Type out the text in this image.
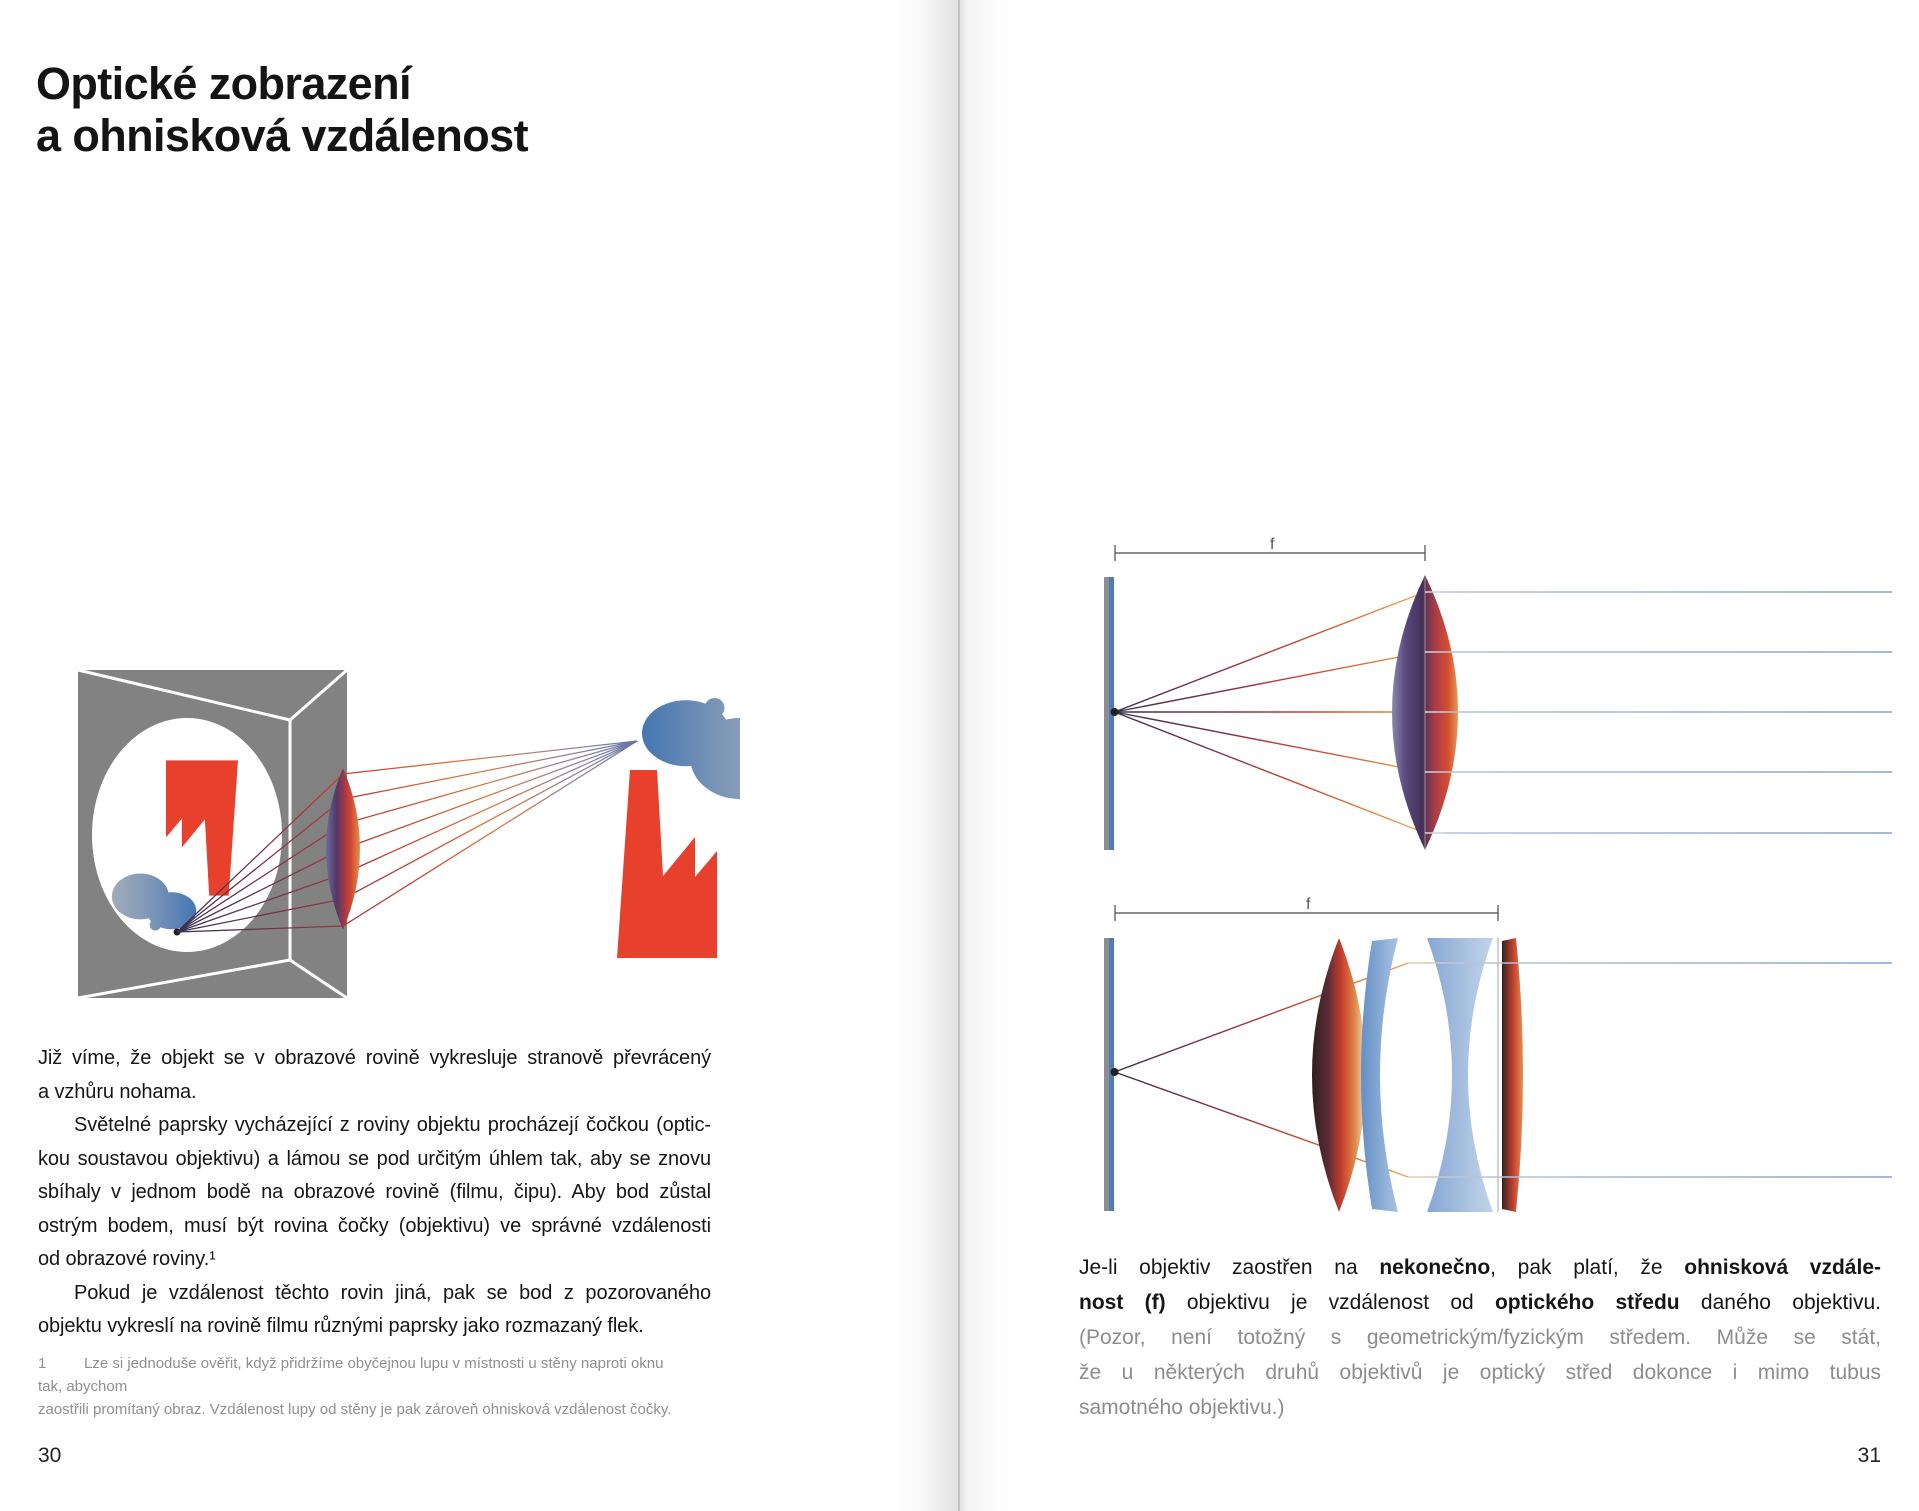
Optické zobrazení
a ohnisková vzdálenost
Již víme, že objekt se v obrazové rovině vykresluje stranově převrácený
a vzhůru nohama.
Světelné paprsky vycházející z roviny objektu procházejí čočkou (optic-
kou soustavou objektivu) a lámou se pod určitým úhlem tak, aby se znovu
sbíhaly v jednom bodě na obrazové rovině (filmu, čipu). Aby bod zůstal
ostrým bodem, musí být rovina čočky (objektivu) ve správné vzdálenosti
od obrazové roviny.¹
Pokud je vzdálenost těchto rovin jiná, pak se bod z pozorovaného
objektu vykreslí na rovině filmu různými paprsky jako rozmazaný flek.
1	Lze si jednoduše ověřit, když přidržíme obyčejnou lupu v místnosti u stěny naproti oknu tak, abychom
zaostřili promítaný obraz. Vzdálenost lupy od stěny je pak zároveň ohnisková vzdálenost čočky.
30
f
f
Je-li objektiv zaostřen na nekonečno, pak platí, že ohnisková vzdále-
nost (f) objektivu je vzdálenost od optického středu daného objektivu.
(Pozor, není totožný s geometrickým/fyzickým středem. Může se stát,
že u některých druhů objektivů je optický střed dokonce i mimo tubus
samotného objektivu.)
31
